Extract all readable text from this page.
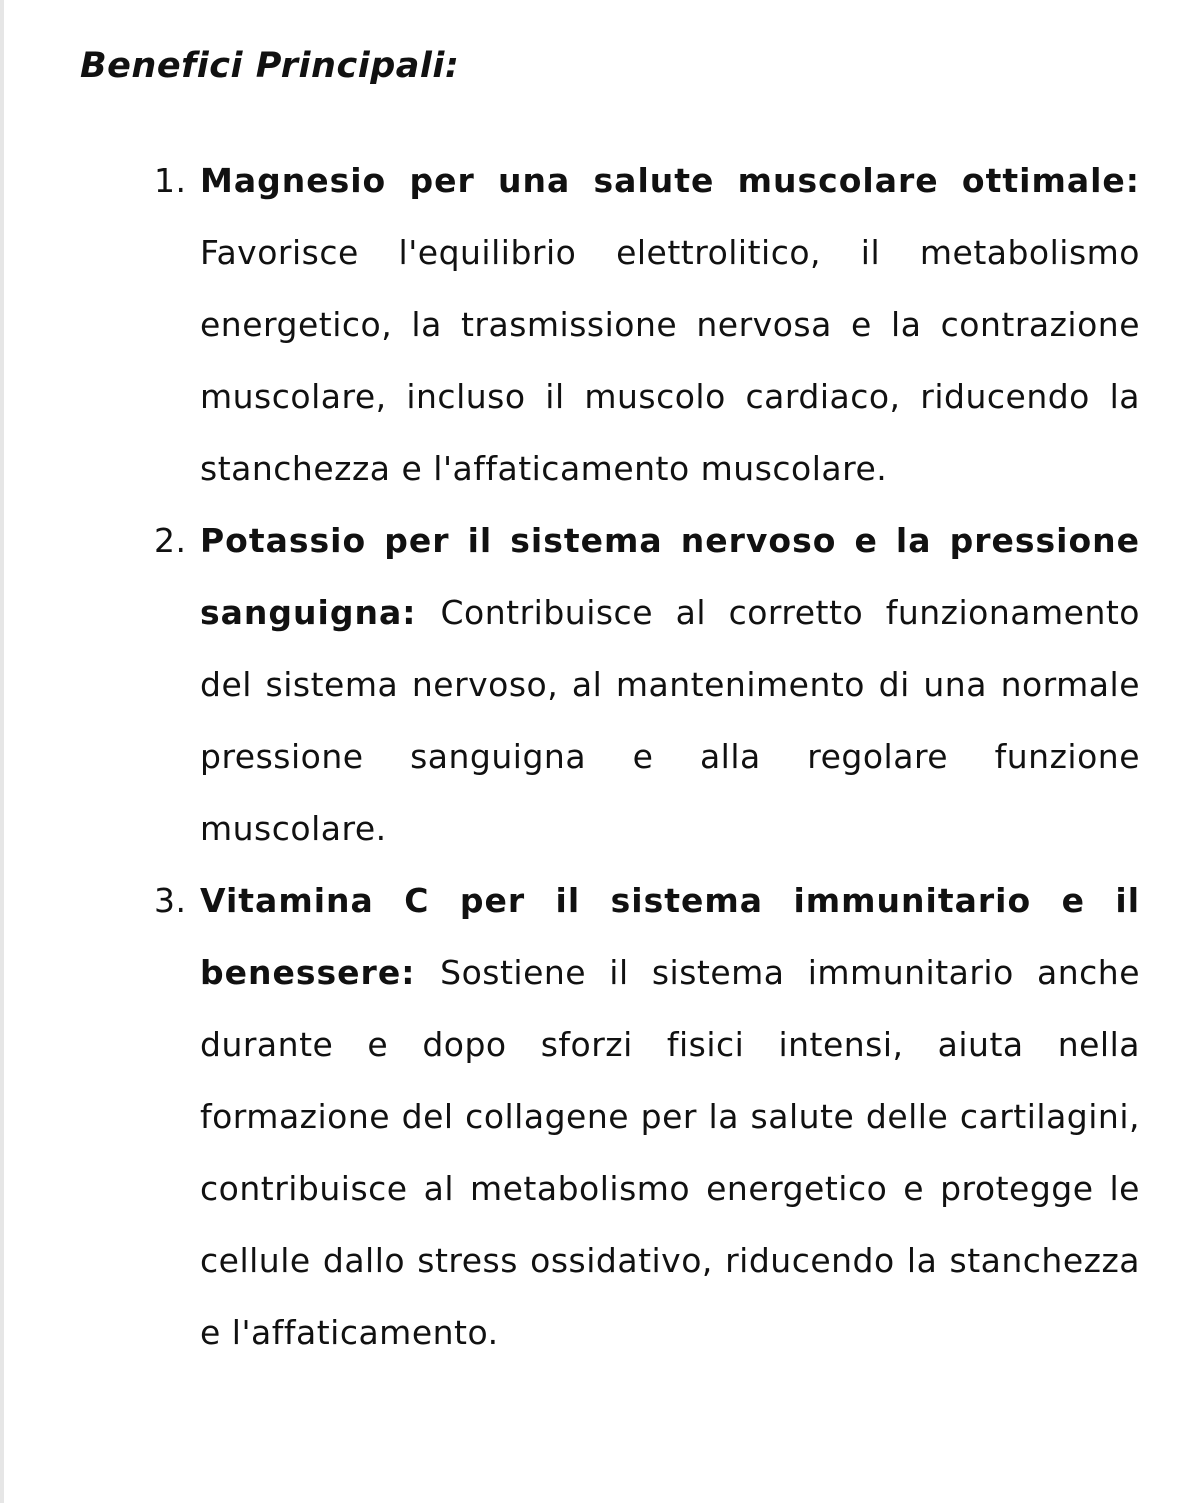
Benefici Principali:
1. Magnesio per una salute muscolare ottimale: Favorisce l'equilibrio elettrolitico, il metabolismo energetico, la trasmissione nervosa e la contrazione muscolare, incluso il muscolo cardiaco, riducendo la stanchezza e l'affaticamento muscolare.
2. Potassio per il sistema nervoso e la pressione sanguigna: Contribuisce al corretto funzionamento del sistema nervoso, al mantenimento di una normale pressione sanguigna e alla regolare funzione muscolare.
3. Vitamina C per il sistema immunitario e il benessere: Sostiene il sistema immunitario anche durante e dopo sforzi fisici intensi, aiuta nella formazione del collagene per la salute delle cartilagini, contribuisce al metabolismo energetico e protegge le cellule dallo stress ossidativo, riducendo la stanchezza e l'affaticamento.
